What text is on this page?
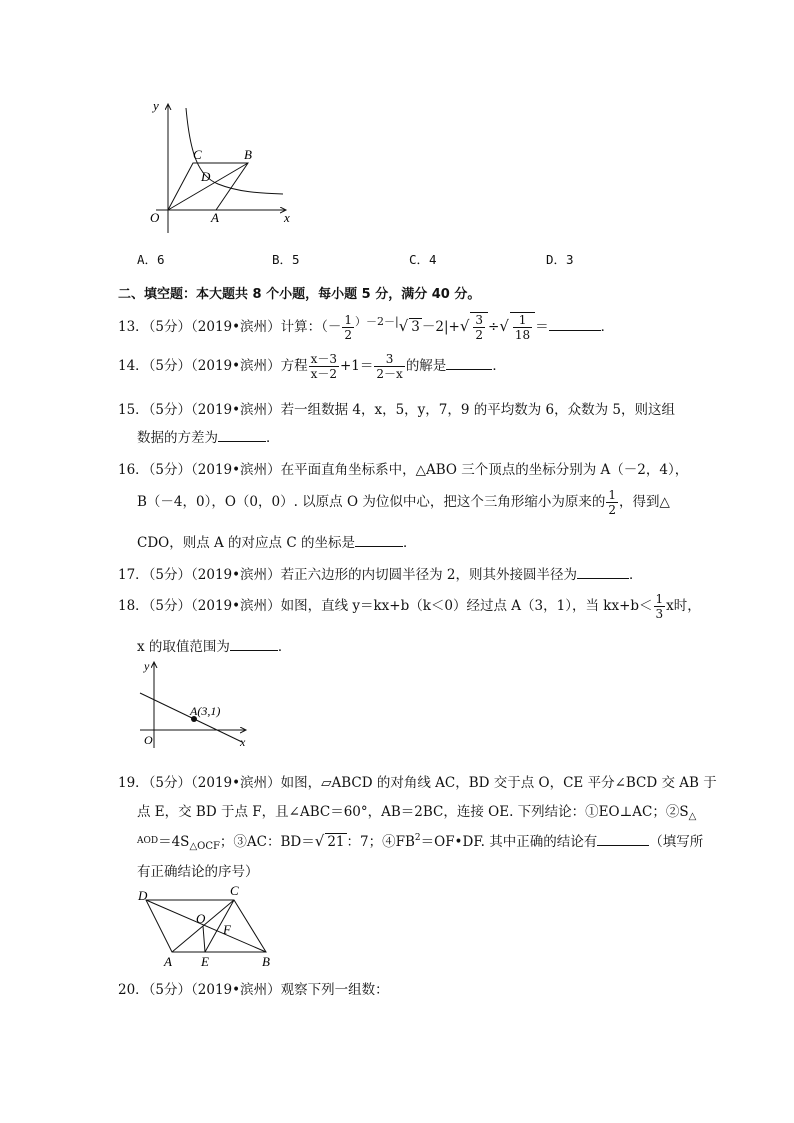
y
x
O	A
B
C
D
A．6	B．5	C．4	D．3
二、填空题：本大题共 8 个小题，每小题 5 分，满分 40 分。
13．（5分）（2019•滨州）计算：（－ $\frac{1}{2} ^{)-2-|}√$ $3 -2|+√ \frac{3}{2}$ ÷√ $\frac{1}{18}$ ＝	．
14．（5分）（2019•滨州）方程 $\frac{x-3}{x-2} +1= \frac{3}{2-x}$ 的解是	．
15．（5分）（2019•滨州）若一组数据 4，x，5，y，7，9 的平均数为 6，众数为 5，则这组
数据的方差为	．
16．（5分）（2019•滨州）在平面直角坐标系中，△ABO 三个顶点的坐标分别为 A（－2，4），
B（－4，0），O（0，0）. 以原点 O 为位似中心，把这个三角形缩小为原来的 $\frac{1}{2}$ ，得到△
CDO，则点 A 的对应点 C 的坐标是	．
17．（5分）（2019•滨州）若正六边形的内切圆半径为 2，则其外接圆半径为	．
18．（5分）（2019•滨州）如图，直线 y＝kx+b（k＜0）经过点 A（3，1），当 $kx+b< \frac{1}{3}$ x时，
x 的取值范围为	．
y
x
O
A(3,1)
19．（5分）（2019•滨州）如图，▱ABCD 的对角线 AC，BD 交于点 O，CE 平分∠BCD 交 AB 于
点 E，交 BD 于点 F，且∠ABC＝60°，AB＝2BC，连接 OE. 下列结论：①EO⊥AC；$②S_\triangle$
$^{AOD}=4S_{\triangle OCF}$；③AC：BD＝√ 21 ：7；$④FB^2=OF•DF$. 其中正确的结论有	（填写所
有正确结论的序号）
D	C
O
F
A E	B
20．（5分）（2019•滨州）观察下列一组数：
